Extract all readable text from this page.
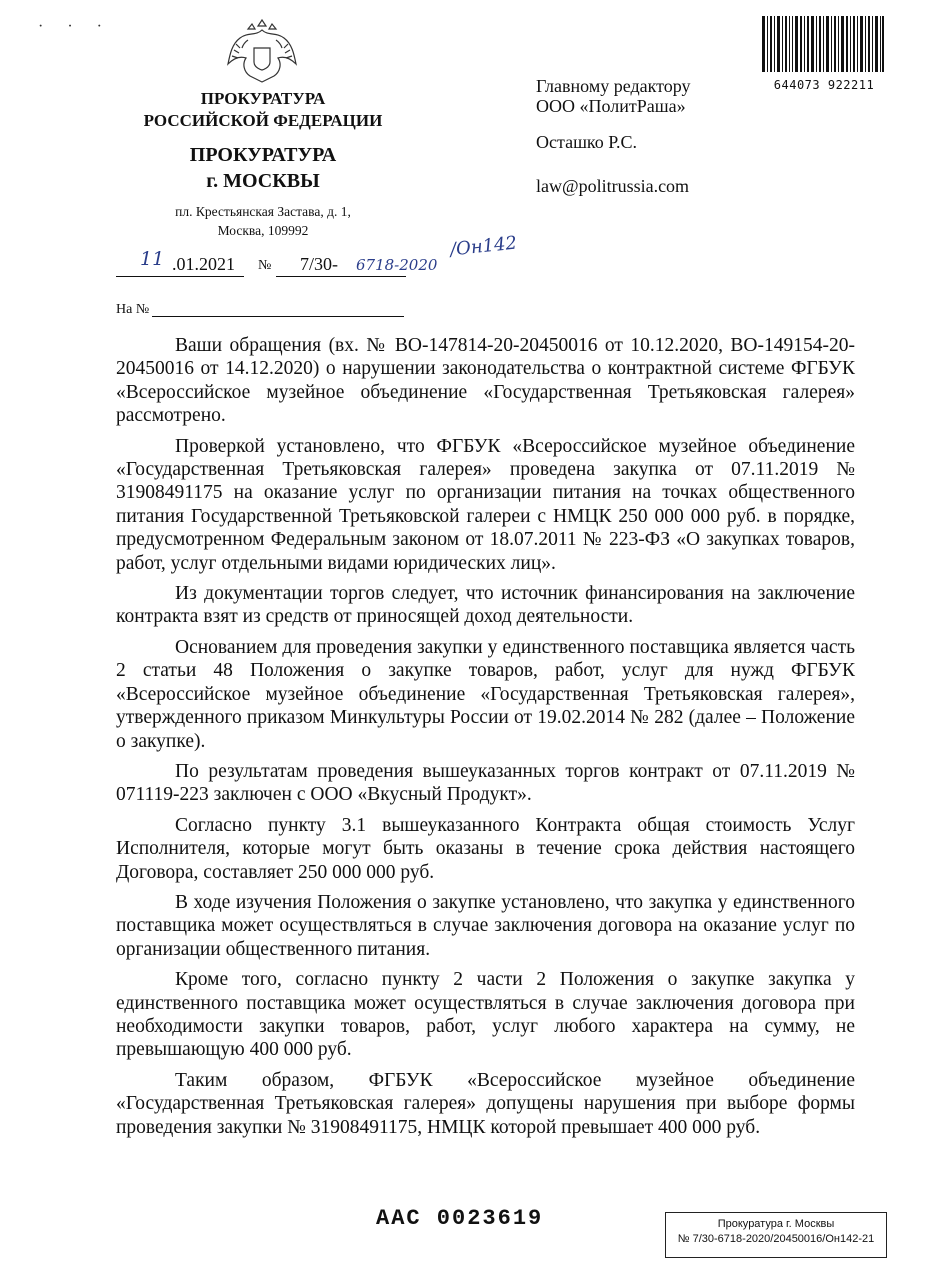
· · ·
ПРОКУРАТУРА
РОССИЙСКОЙ ФЕДЕРАЦИИ
ПРОКУРАТУРА
г. МОСКВЫ
пл. Крестьянская Застава, д. 1,
Москва, 109992
644073 922211
Главному редактору
ООО «ПолитРаша»
Осташко Р.С.
law@politrussia.com
11 .01.2021 № 7/30- 6718-2020
/Он142
На №

Ваши обращения (вх. № ВО-147814-20-20450016 от 10.12.2020, ВО-149154-20-20450016 от 14.12.2020) о нарушении законодательства о контрактной системе ФГБУК «Всероссийское музейное объединение «Государственная Третьяковская галерея» рассмотрено.

Проверкой установлено, что ФГБУК «Всероссийское музейное объединение «Государственная Третьяковская галерея» проведена закупка от 07.11.2019 № 31908491175 на оказание услуг по организации питания на точках общественного питания Государственной Третьяковской галереи с НМЦК 250 000 000 руб. в порядке, предусмотренном Федеральным законом от 18.07.2011 № 223-ФЗ «О закупках товаров, работ, услуг отдельными видами юридических лиц».

Из документации торгов следует, что источник финансирования на заключение контракта взят из средств от приносящей доход деятельности.

Основанием для проведения закупки у единственного поставщика является часть 2 статьи 48 Положения о закупке товаров, работ, услуг для нужд ФГБУК «Всероссийское музейное объединение «Государственная Третьяковская галерея», утвержденного приказом Минкультуры России от 19.02.2014 № 282 (далее – Положение о закупке).

По результатам проведения вышеуказанных торгов контракт от 07.11.2019 № 071119-223 заключен с ООО «Вкусный Продукт».

Согласно пункту 3.1 вышеуказанного Контракта общая стоимость Услуг Исполнителя, которые могут быть оказаны в течение срока действия настоящего Договора, составляет 250 000 000 руб.

В ходе изучения Положения о закупке установлено, что закупка у единственного поставщика может осуществляться в случае заключения договора на оказание услуг по организации общественного питания.

Кроме того, согласно пункту 2 части 2 Положения о закупке закупка у единственного поставщика может осуществляться в случае заключения договора при необходимости закупки товаров, работ, услуг любого характера на сумму, не превышающую 400 000 руб.

Таким образом, ФГБУК «Всероссийское музейное объединение «Государственная Третьяковская галерея» допущены нарушения при выборе формы проведения закупки № 31908491175, НМЦК которой превышает 400 000 руб.

ААС 0023619	Прокуратура г. Москвы
№ 7/30-6718-2020/20450016/Он142-21
